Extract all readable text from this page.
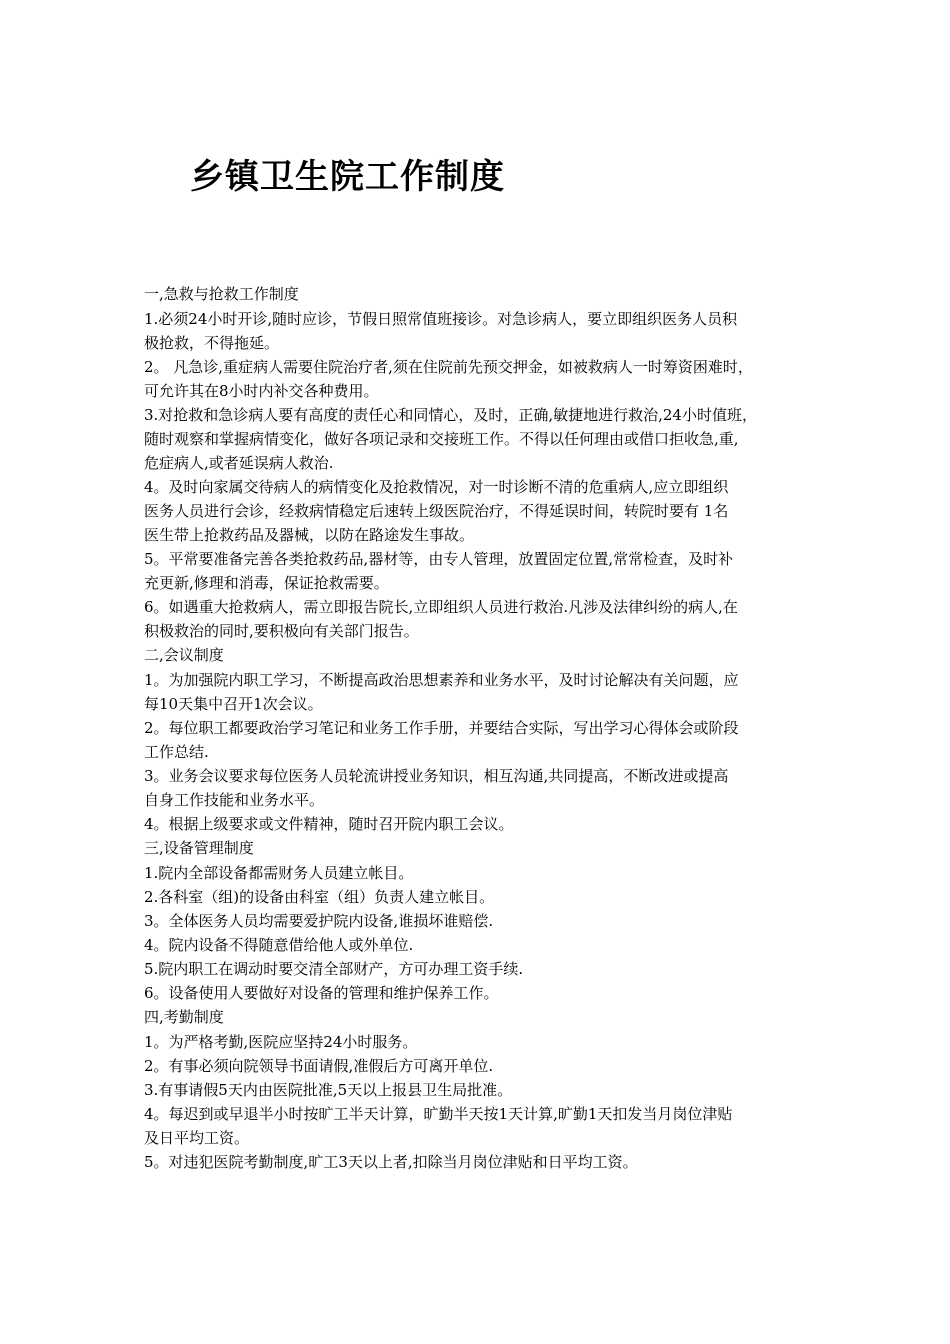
乡镇卫生院工作制度

一,急救与抢救工作制度

1.必须24小时开诊,随时应诊，节假日照常值班接诊。对急诊病人，要立即组织医务人员积

极抢救，不得拖延。

2。 凡急诊,重症病人需要住院治疗者,须在住院前先预交押金，如被救病人一时筹资困难时，

可允许其在8小时内补交各种费用。

3.对抢救和急诊病人要有高度的责任心和同情心，及时，正确,敏捷地进行救治,24小时值班，

随时观察和掌握病情变化，做好各项记录和交接班工作。不得以任何理由或借口拒收急,重,

危症病人,或者延误病人救治.

4。及时向家属交待病人的病情变化及抢救情况，对一时诊断不清的危重病人,应立即组织

医务人员进行会诊，经救病情稳定后速转上级医院治疗，不得延误时间，转院时要有 1名

医生带上抢救药品及器械，以防在路途发生事故。

5。平常要准备完善各类抢救药品,器材等，由专人管理，放置固定位置,常常检查，及时补

充更新,修理和消毒，保证抢救需要。

6。如遇重大抢救病人，需立即报告院长,立即组织人员进行救治.凡涉及法律纠纷的病人,在

积极救治的同时,要积极向有关部门报告。

二,会议制度

1。为加强院内职工学习，不断提高政治思想素养和业务水平，及时讨论解决有关问题，应

每10天集中召开1次会议。

2。每位职工都要政治学习笔记和业务工作手册，并要结合实际，写出学习心得体会或阶段

工作总结.

3。业务会议要求每位医务人员轮流讲授业务知识，相互沟通,共同提高，不断改进或提高

自身工作技能和业务水平。

4。根据上级要求或文件精神，随时召开院内职工会议。

三,设备管理制度

1.院内全部设备都需财务人员建立帐目。

2.各科室（组)的设备由科室（组）负责人建立帐目。

3。全体医务人员均需要爱护院内设备,谁损坏谁赔偿.

4。院内设备不得随意借给他人或外单位.

5.院内职工在调动时要交清全部财产，方可办理工资手续.

6。设备使用人要做好对设备的管理和维护保养工作。

四,考勤制度

1。为严格考勤,医院应坚持24小时服务。

2。有事必须向院领导书面请假,准假后方可离开单位.

3.有事请假5天内由医院批准,5天以上报县卫生局批准。

4。每迟到或早退半小时按旷工半天计算，旷勤半天按1天计算,旷勤1天扣发当月岗位津贴

及日平均工资。

5。对违犯医院考勤制度,旷工3天以上者,扣除当月岗位津贴和日平均工资。
